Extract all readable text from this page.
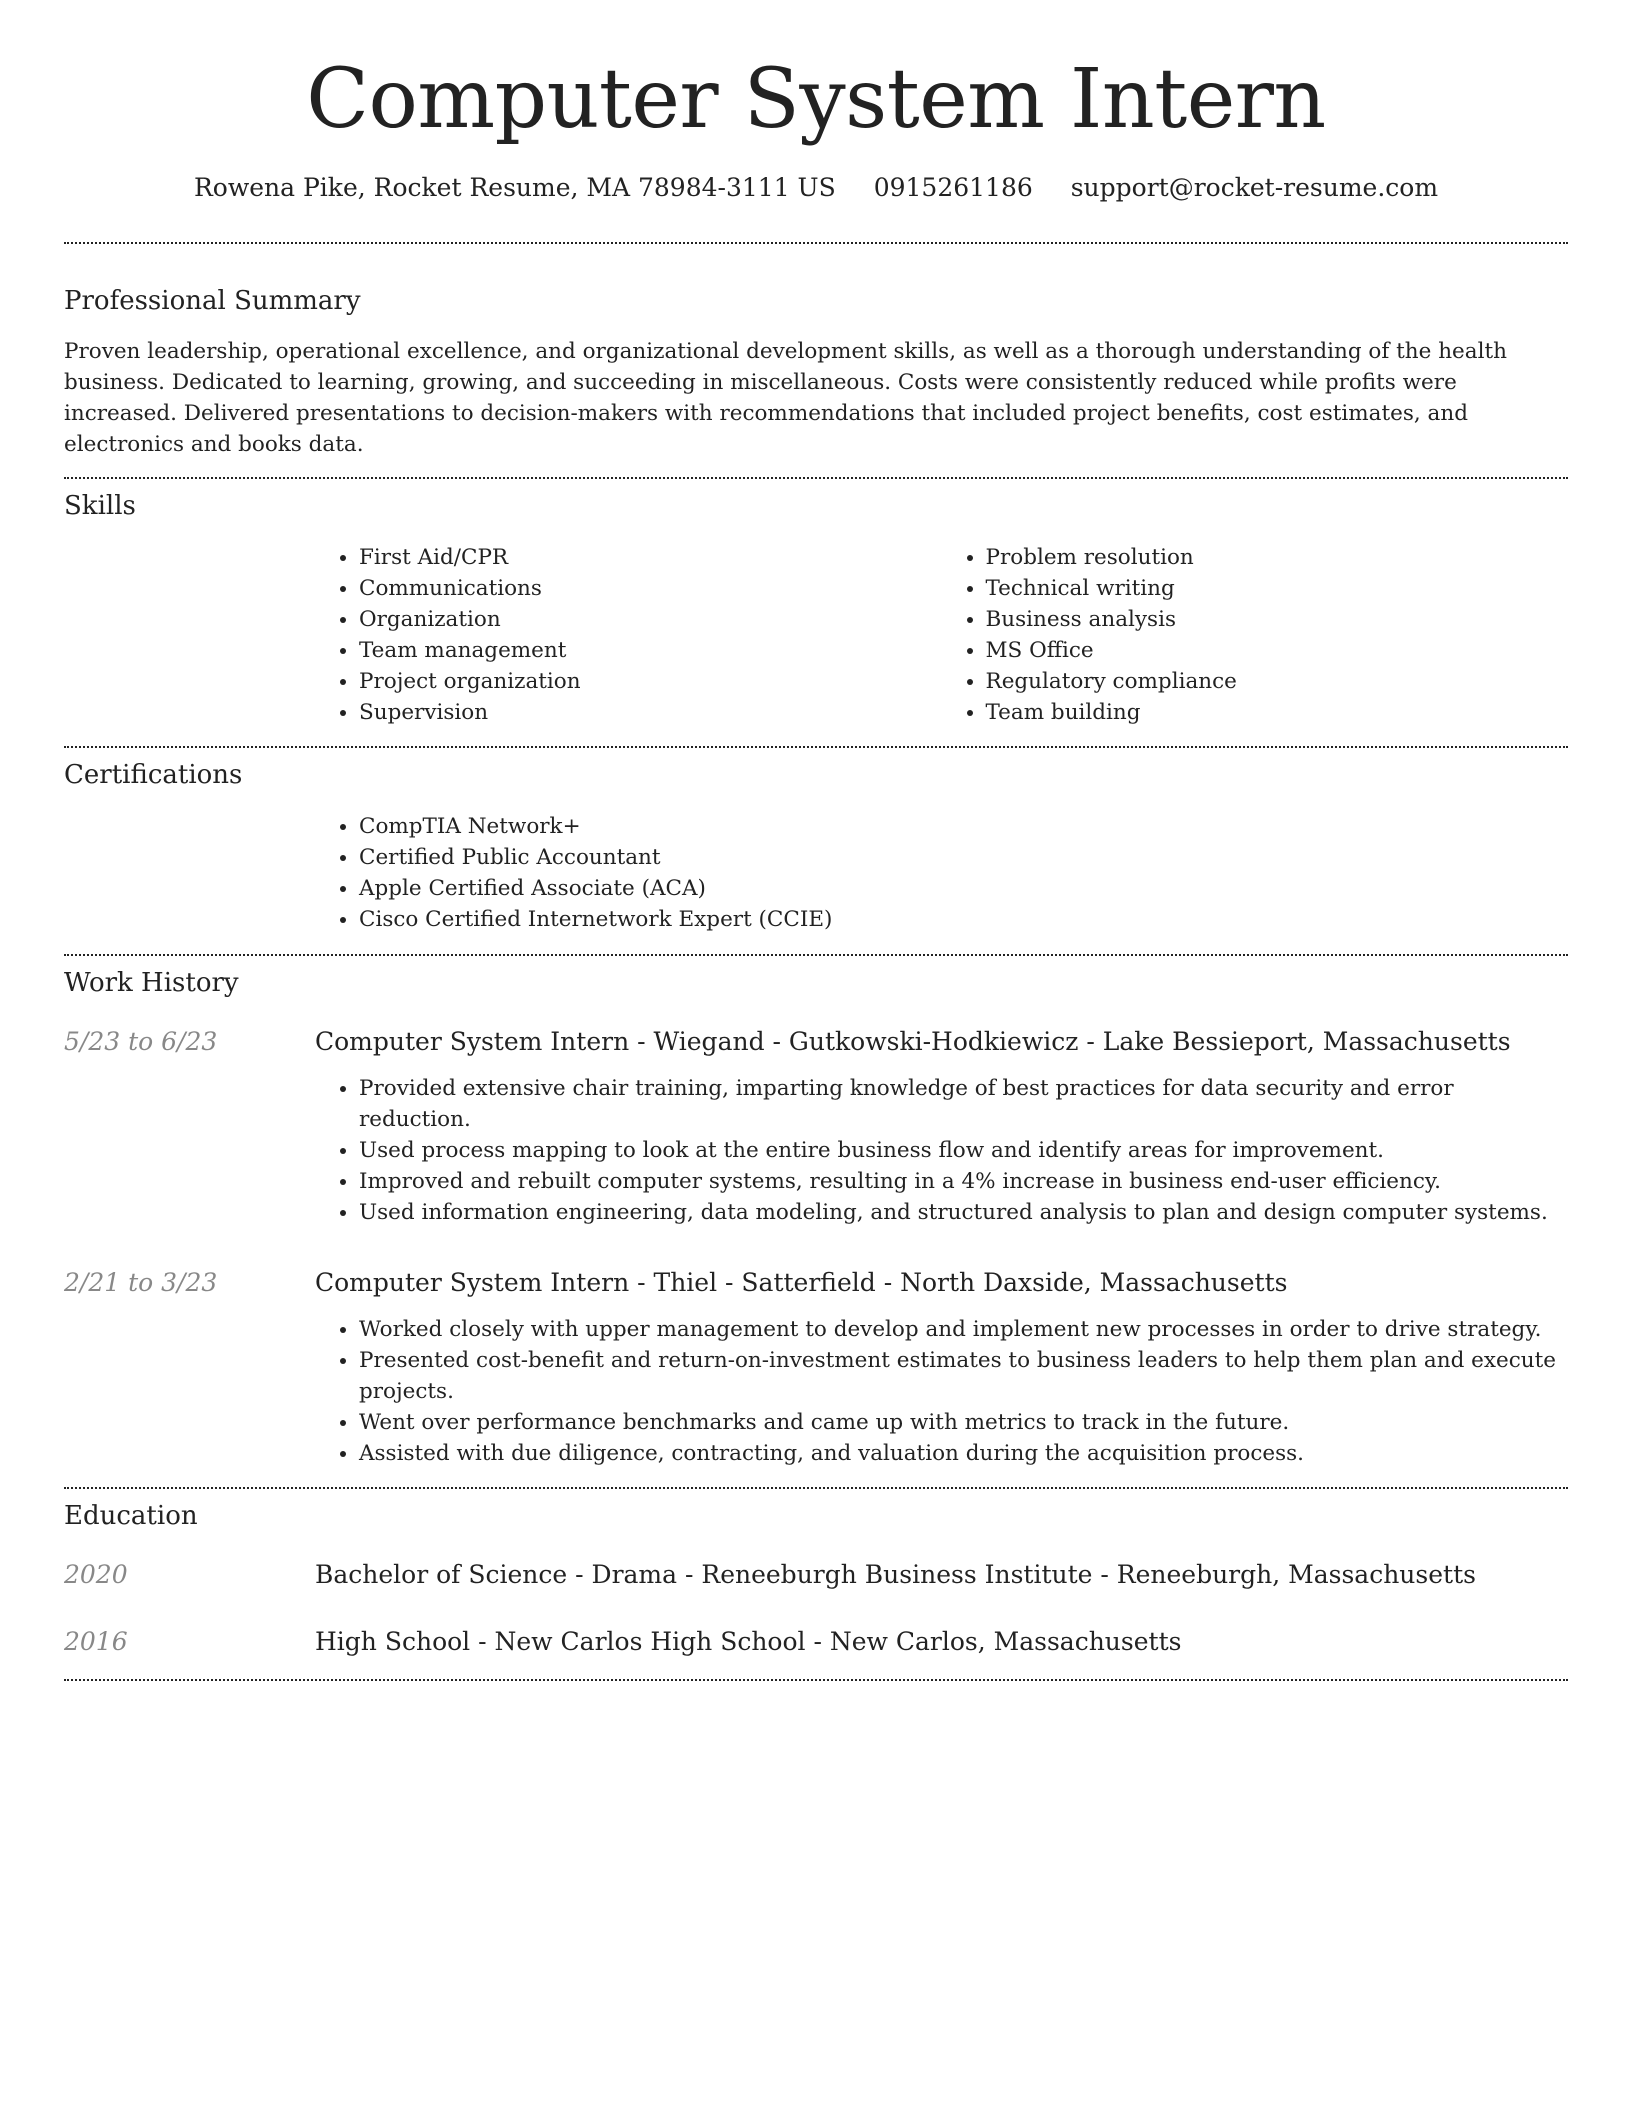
Computer System Intern
Rowena Pike, Rocket Resume, MA 78984-3111 US 0915261186 support@rocket-resume.com
Professional Summary

Proven leadership, operational excellence, and organizational development skills, as well as a thorough understanding of the health business. Dedicated to learning, growing, and succeeding in miscellaneous. Costs were consistently reduced while profits were increased. Delivered presentations to decision-makers with recommendations that included project benefits, cost estimates, and electronics and books data.

Skills
• First Aid/CPR
• Communications
• Organization
• Team management
• Project organization
• Supervision
• Problem resolution
• Technical writing
• Business analysis
• MS Office
• Regulatory compliance
• Team building
Certifications
• CompTIA Network+
• Certified Public Accountant
• Apple Certified Associate (ACA)
• Cisco Certified Internetwork Expert (CCIE)
Work History
5/23 to 6/23	Computer System Intern - Wiegand - Gutkowski-Hodkiewicz - Lake Bessieport, Massachusetts
• Provided extensive chair training, imparting knowledge of best practices for data security and error reduction.
• Used process mapping to look at the entire business flow and identify areas for improvement.
• Improved and rebuilt computer systems, resulting in a 4% increase in business end-user efficiency.
• Used information engineering, data modeling, and structured analysis to plan and design computer systems.
2/21 to 3/23	Computer System Intern - Thiel - Satterfield - North Daxside, Massachusetts
• Worked closely with upper management to develop and implement new processes in order to drive strategy.
• Presented cost-benefit and return-on-investment estimates to business leaders to help them plan and execute projects.
• Went over performance benchmarks and came up with metrics to track in the future.
• Assisted with due diligence, contracting, and valuation during the acquisition process.
Education
2020	Bachelor of Science - Drama - Reneeburgh Business Institute - Reneeburgh, Massachusetts
2016	High School - New Carlos High School - New Carlos, Massachusetts
